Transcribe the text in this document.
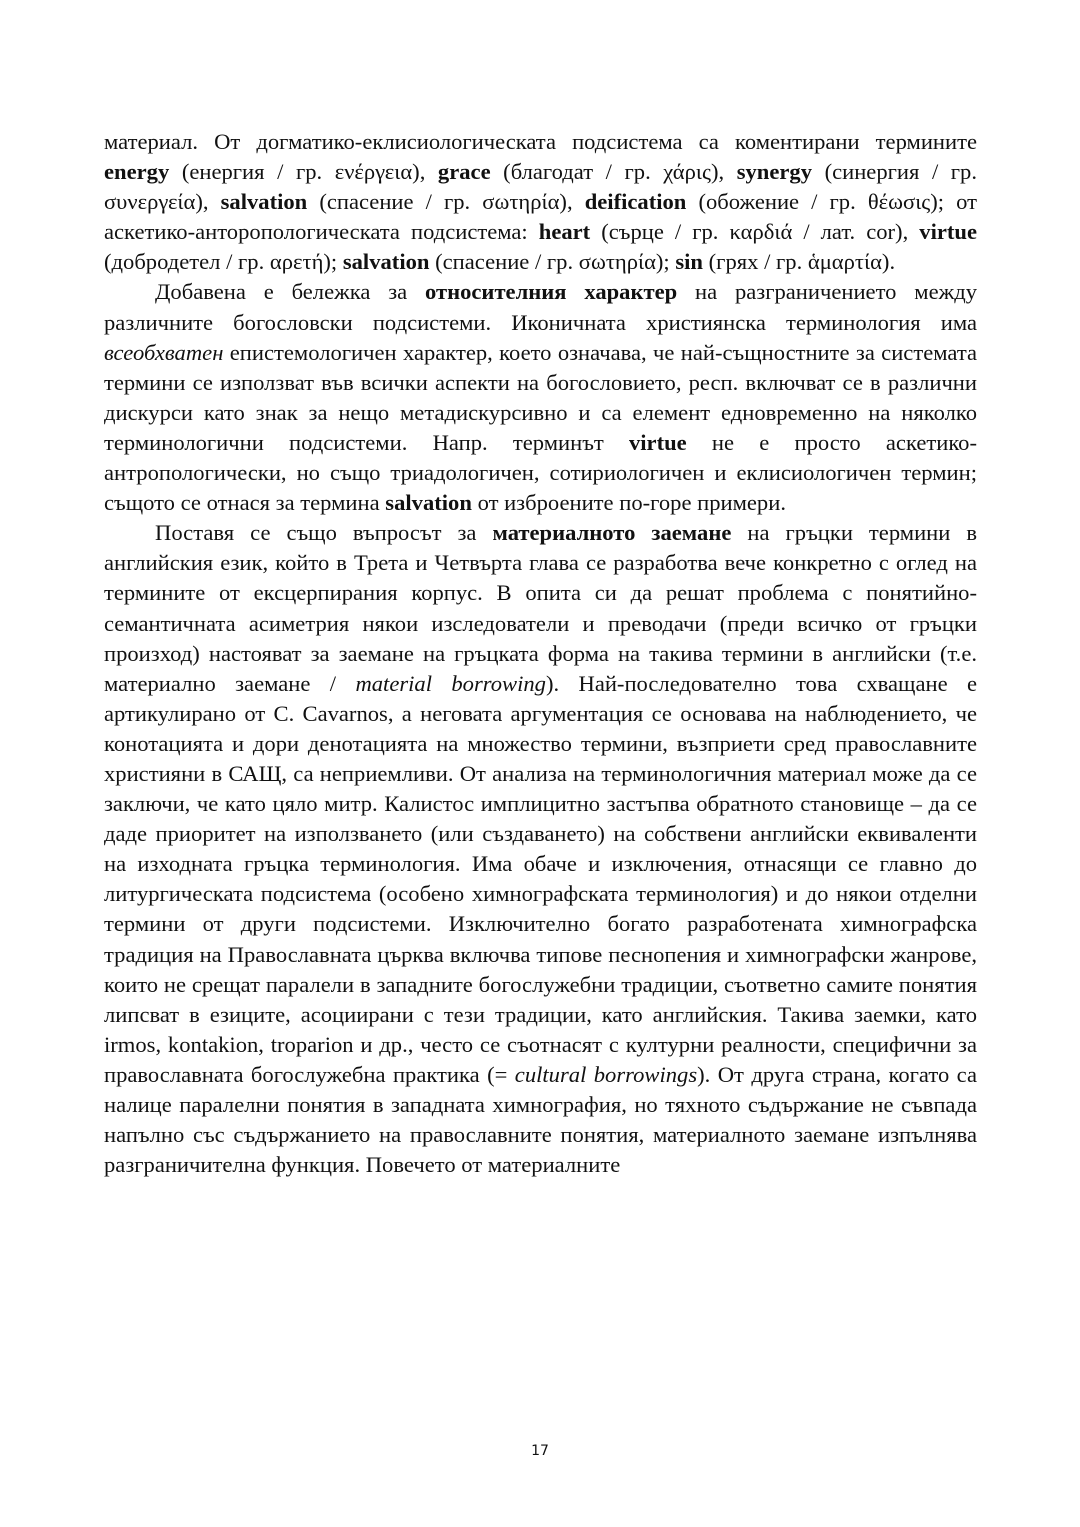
материал. От догматико-еклисиологическата подсистема са коментирани термините energy (енергия / гр. ενέργεια), grace (благодат / гр. χάρις), synergy (синергия / гр. συνεργεία), salvation (спасение / гр. σωτηρία), deification (обожение / гр. θέωσις); от аскетико-анторопологическата подсистема: heart (сърце / гр. καρδιά / лат. cor), virtue (добродетел / гр. αρετή); salvation (спасение / гр. σωτηρία); sin (грях / гр. ἁμαρτία).

Добавена е бележка за относителния характер на разграничението между различните богословски подсистеми. Иконичната християнска терминология има всеобхватен епистемологичен характер, което означава, че най-същностните за системата термини се използват във всички аспекти на богословието, респ. включват се в различни дискурси като знак за нещо метадискурсивно и са елемент едновременно на няколко терминологични подсистеми. Напр. терминът virtue не е просто аскетико-антропологически, но също триадологичен, сотириологичен и еклисиологичен термин; същото се отнася за термина salvation от изброените по-горе примери.

Поставя се също въпросът за материалното заемане на гръцки термини в английския език, който в Трета и Четвърта глава се разработва вече конкретно с оглед на термините от ексцерпирания корпус. В опита си да решат проблема с понятийно-семантичната асиметрия някои изследователи и преводачи (преди всичко от гръцки произход) настояват за заемане на гръцката форма на такива термини в английски (т.е. материално заемане / material borrowing). Най-последователно това схващане е артикулирано от C. Cavarnos, а неговата аргументация се основава на наблюдението, че конотацията и дори денотацията на множество термини, възприети сред православните християни в САЩ, са неприемливи. От анализа на терминологичния материал може да се заключи, че като цяло митр. Калистос имплицитно застъпва обратното становище – да се даде приоритет на използването (или създаването) на собствени английски еквиваленти на изходната гръцка терминология. Има обаче и изключения, отнасящи се главно до литургическата подсистема (особено химнографската терминология) и до някои отделни термини от други подсистеми. Изключително богато разработената химнографска традиция на Православната църква включва типове песнопения и химнографски жанрове, които не срещат паралели в западните богослужебни традиции, съответно самите понятия липсват в езиците, асоциирани с тези традиции, като английския. Такива заемки, като irmos, kontakion, troparion и др., често се съотнасят с културни реалности, специфични за православната богослужебна практика (= cultural borrowings). От друга страна, когато са налице паралелни понятия в западната химнография, но тяхното съдържание не съвпада напълно със съдържанието на православните понятия, материалното заемане изпълнява разграничителна функция. Повечето от материалните

17
